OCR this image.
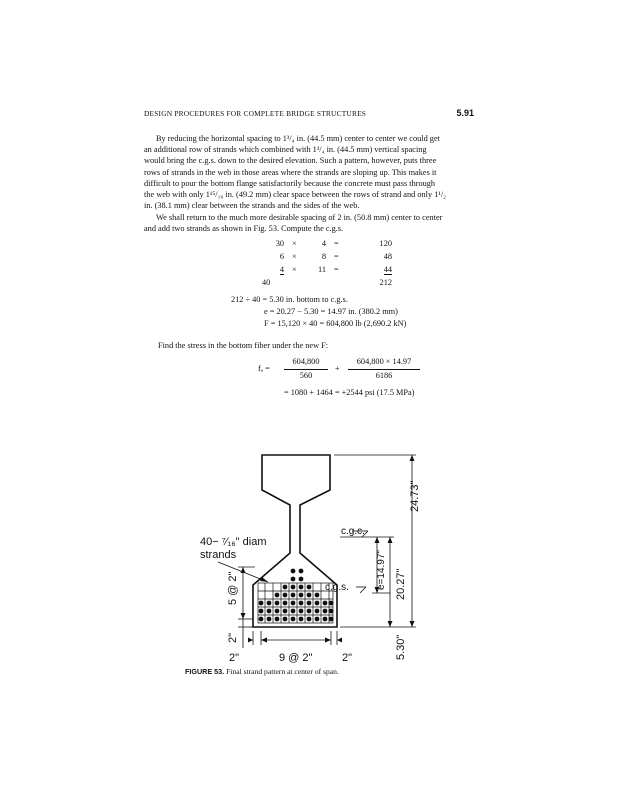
DESIGN PROCEDURES FOR COMPLETE BRIDGE STRUCTURES	5.91

By reducing the horizontal spacing to 1³/₄ in. (44.5 mm) center to center we could get
an additional row of strands which combined with 1³/₄ in. (44.5 mm) vertical spacing
would bring the c.g.s. down to the desired elevation. Such a pattern, however, puts three
rows of strands in the web in those areas where the strands are sloping up. This makes it
difficult to pour the bottom flange satisfactorily because the concrete must pass through
the web with only 1¹⁵/₁₆ in. (49.2 mm) clear space between the rows of strand and only 1¹/₂
in. (38.1 mm) clear between the strands and the sides of the web.

We shall return to the much more desirable spacing of 2 in. (50.8 mm) center to center
and add two strands as shown in Fig. 53. Compute the c.g.s.

30 ×	4 =	120
6 ×	8 =	48
4 ×	11 =	44
40	212
212 ÷ 40 = 5.30 in. bottom to c.g.s.
e = 20.27 − 5.30 = 14.97 in. (380.2 mm)
F = 15,120 × 40 = 604,800 lb (2,690.2 kN)
Find the stress in the bottom fiber under the new F:
fₐ =
604,800
560
+
604,800 × 14.97
6186
= 1080 + 1464 = +2544 psi (17.5 MPa)
40− ⁷⁄₁₆" diam
strands
c.g.c.
c.g.s.	e=14.97"
24.73"
20.27"
5.30"
5 @ 2"
2"
2"	9 @ 2"	2"
FIGURE 53. Final strand pattern at center of span.
